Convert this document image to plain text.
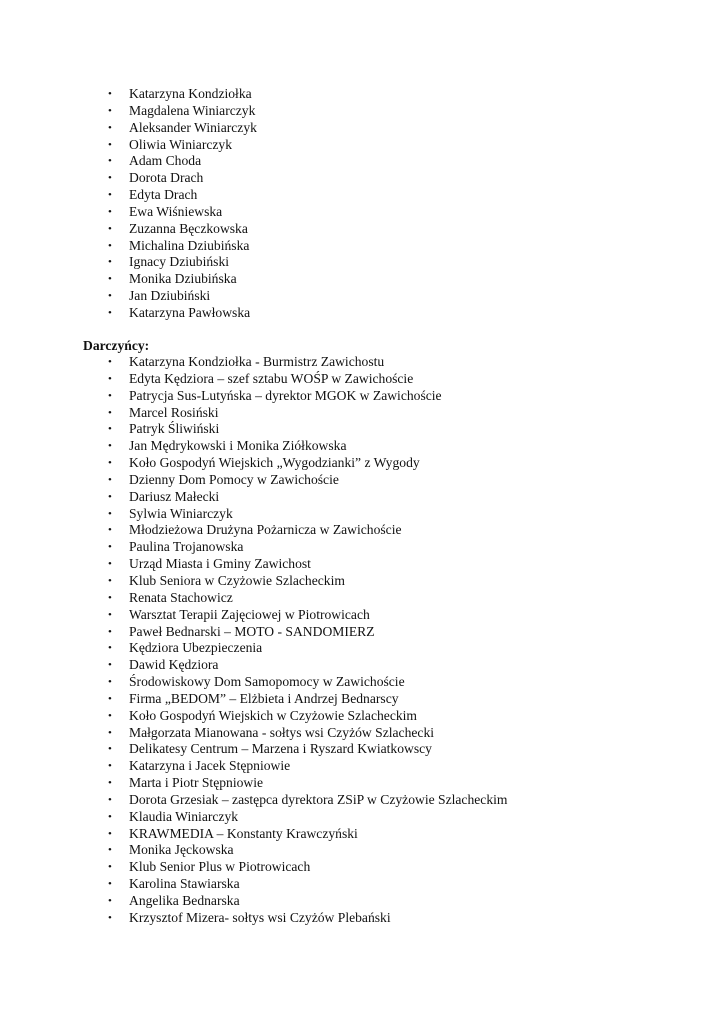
• Katarzyna Kondziołka
• Magdalena Winiarczyk
• Aleksander Winiarczyk
• Oliwia Winiarczyk
• Adam Choda
• Dorota Drach
• Edyta Drach
• Ewa Wiśniewska
• Zuzanna Bęczkowska
• Michalina Dziubińska
• Ignacy Dziubiński
• Monika Dziubińska
• Jan Dziubiński
• Katarzyna Pawłowska
Darczyńcy:
• Katarzyna Kondziołka - Burmistrz Zawichostu
• Edyta Kędziora – szef sztabu WOŚP w Zawichoście
• Patrycja Sus-Lutyńska – dyrektor MGOK w Zawichoście
• Marcel Rosiński
• Patryk Śliwiński
• Jan Mędrykowski i Monika Ziółkowska
• Koło Gospodyń Wiejskich „Wygodzianki” z Wygody
• Dzienny Dom Pomocy w Zawichoście
• Dariusz Małecki
• Sylwia Winiarczyk
• Młodzieżowa Drużyna Pożarnicza w Zawichoście
• Paulina Trojanowska
• Urząd Miasta i Gminy Zawichost
• Klub Seniora w Czyżowie Szlacheckim
• Renata Stachowicz
• Warsztat Terapii Zajęciowej w Piotrowicach
• Paweł Bednarski – MOTO - SANDOMIERZ
• Kędziora Ubezpieczenia
• Dawid Kędziora
• Środowiskowy Dom Samopomocy w Zawichoście
• Firma „BEDOM” – Elżbieta i Andrzej Bednarscy
• Koło Gospodyń Wiejskich w Czyżowie Szlacheckim
• Małgorzata Mianowana - sołtys wsi Czyżów Szlachecki
• Delikatesy Centrum – Marzena i Ryszard Kwiatkowscy
• Katarzyna i Jacek Stępniowie
• Marta i Piotr Stępniowie
• Dorota Grzesiak – zastępca dyrektora ZSiP w Czyżowie Szlacheckim
• Klaudia Winiarczyk
• KRAWMEDIA – Konstanty Krawczyński
• Monika Jęckowska
• Klub Senior Plus w Piotrowicach
• Karolina Stawiarska
• Angelika Bednarska
• Krzysztof Mizera- sołtys wsi Czyżów Plebański
